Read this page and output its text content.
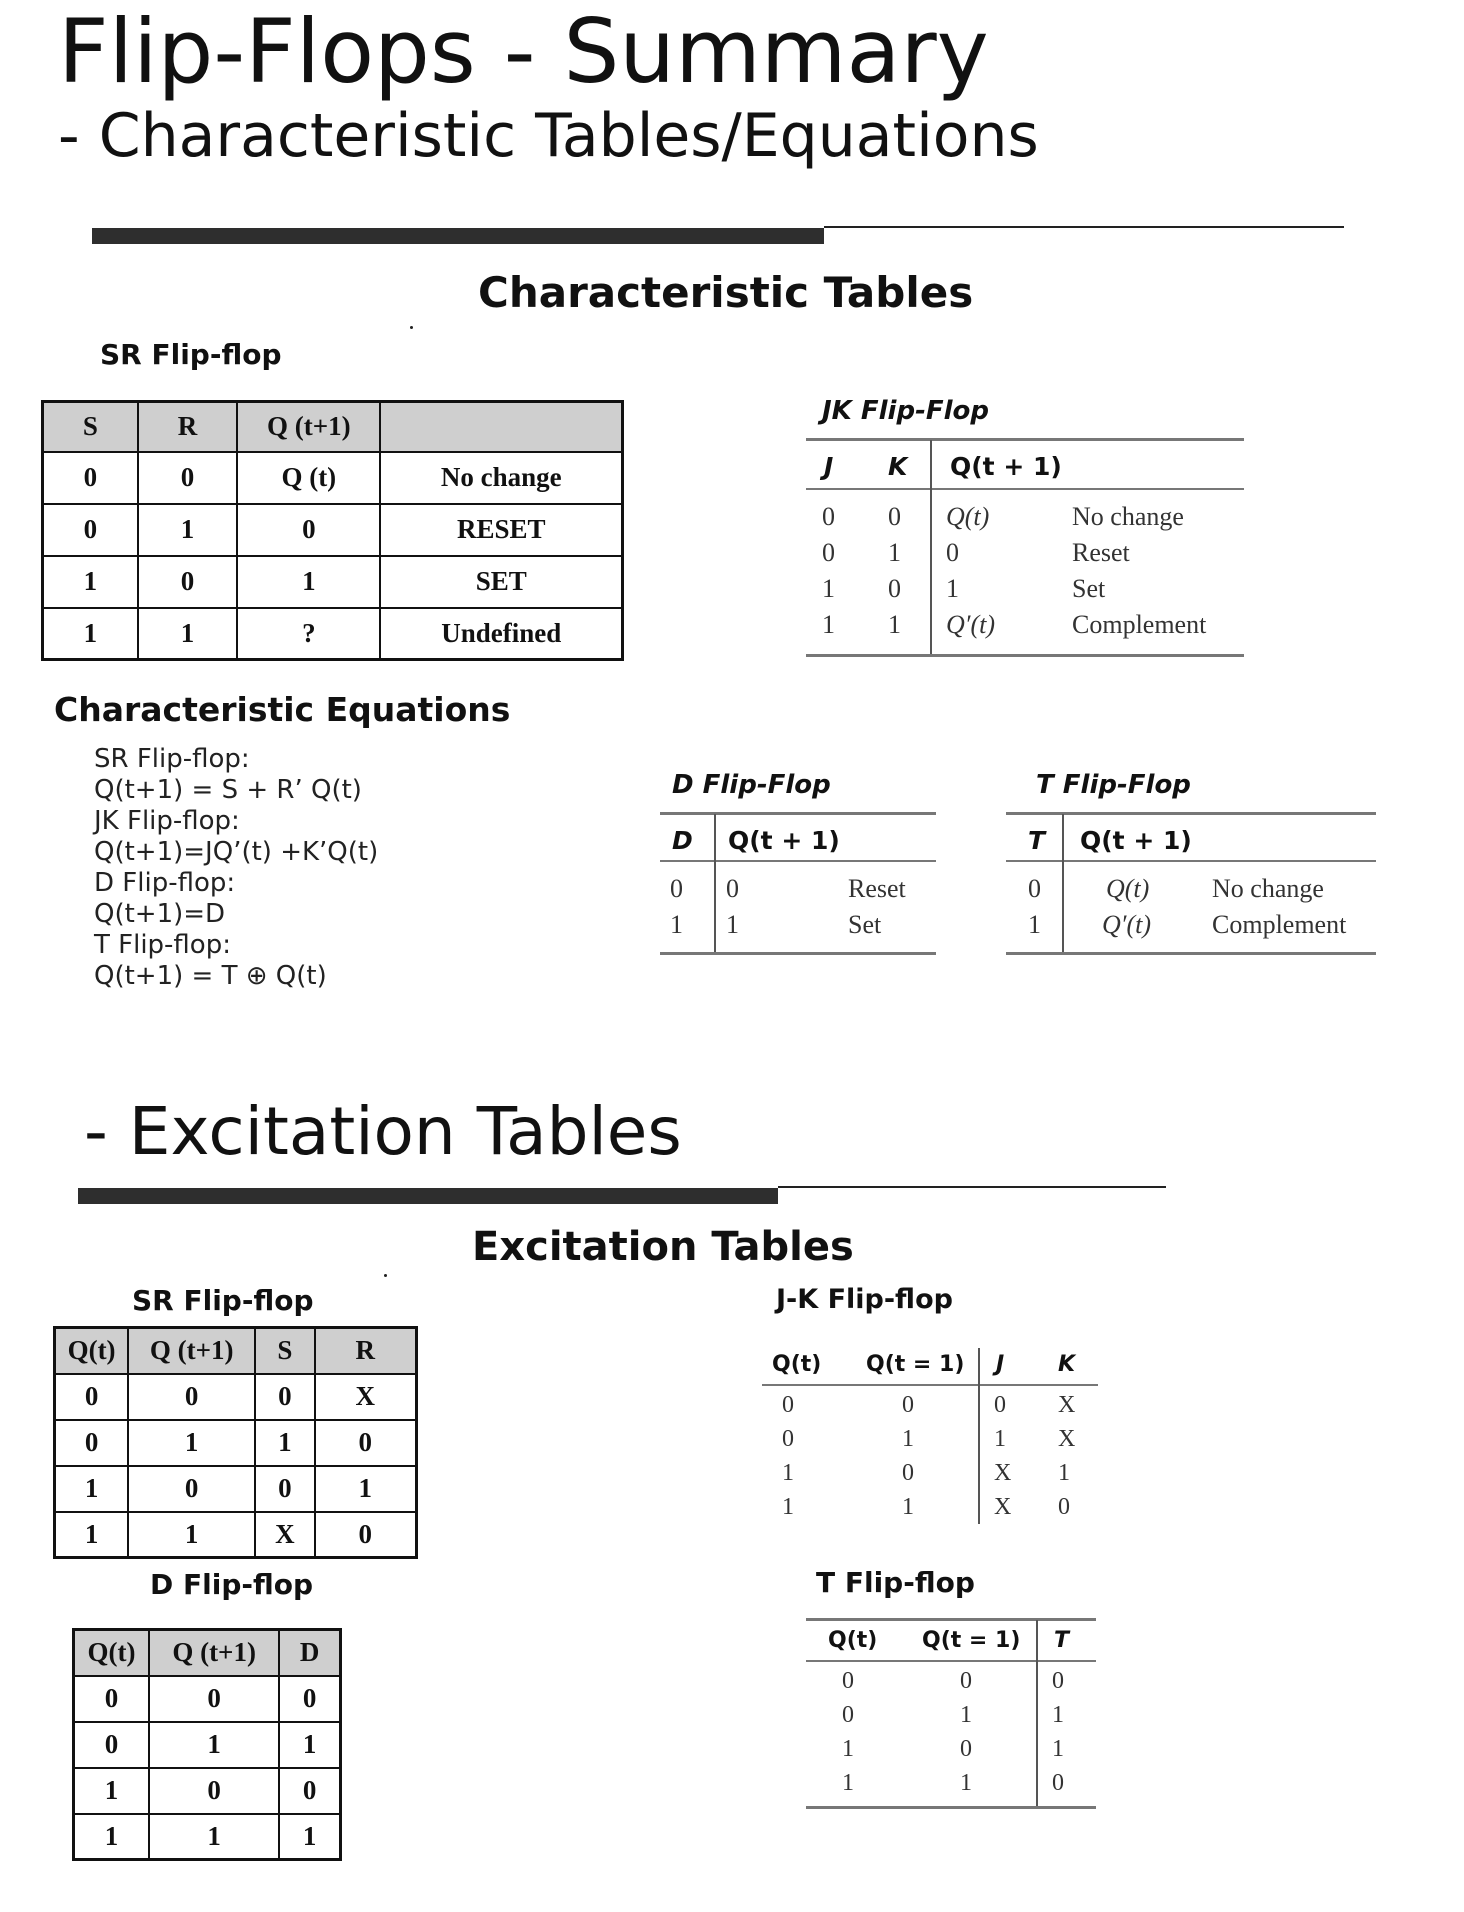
Flip-Flops - Summary
- Characteristic Tables/Equations
Characteristic Tables
SR Flip-flop
S	R	Q (t+1)	
0	0	Q (t)	No change
0	1	0	RESET
1	0	1	SET
1	1	?	Undefined
JK Flip-Flop
J K Q(t + 1)
0 0 Q(t)	No change
0 1 0	Reset
1 0 1	Set
1 1 Q′(t)	Complement
Characteristic Equations
SR Flip-flop:
Q(t+1) = S + R’ Q(t)
JK Flip-flop:
Q(t+1)=JQ’(t) +K’Q(t)
D Flip-flop:
Q(t+1)=D
T Flip-flop:
Q(t+1) = T ⊕ Q(t)
D Flip-Flop
D Q(t + 1)
0 0	Reset
1 1	Set
T Flip-Flop
T Q(t + 1)
0	Q(t) No change
1 Q′(t) Complement
- Excitation Tables
Excitation Tables
SR Flip-flop
Q(t)	Q (t+1)	S	R
0	0	0	X
0	1	1	0
1	0	0	1
1	1	X	0
D Flip-flop
Q(t)	Q (t+1)	D
0	0	0
0	1	1
1	0	0
1	1	1
J-K Flip-flop
Q(t) Q(t = 1) J K
0	0	0 X
0	1	1 X
1	0	X 1
1	1	X 0
T Flip-flop
Q(t) Q(t = 1) T
0	0	0
0	1	1
1	0	1
1	1	0
